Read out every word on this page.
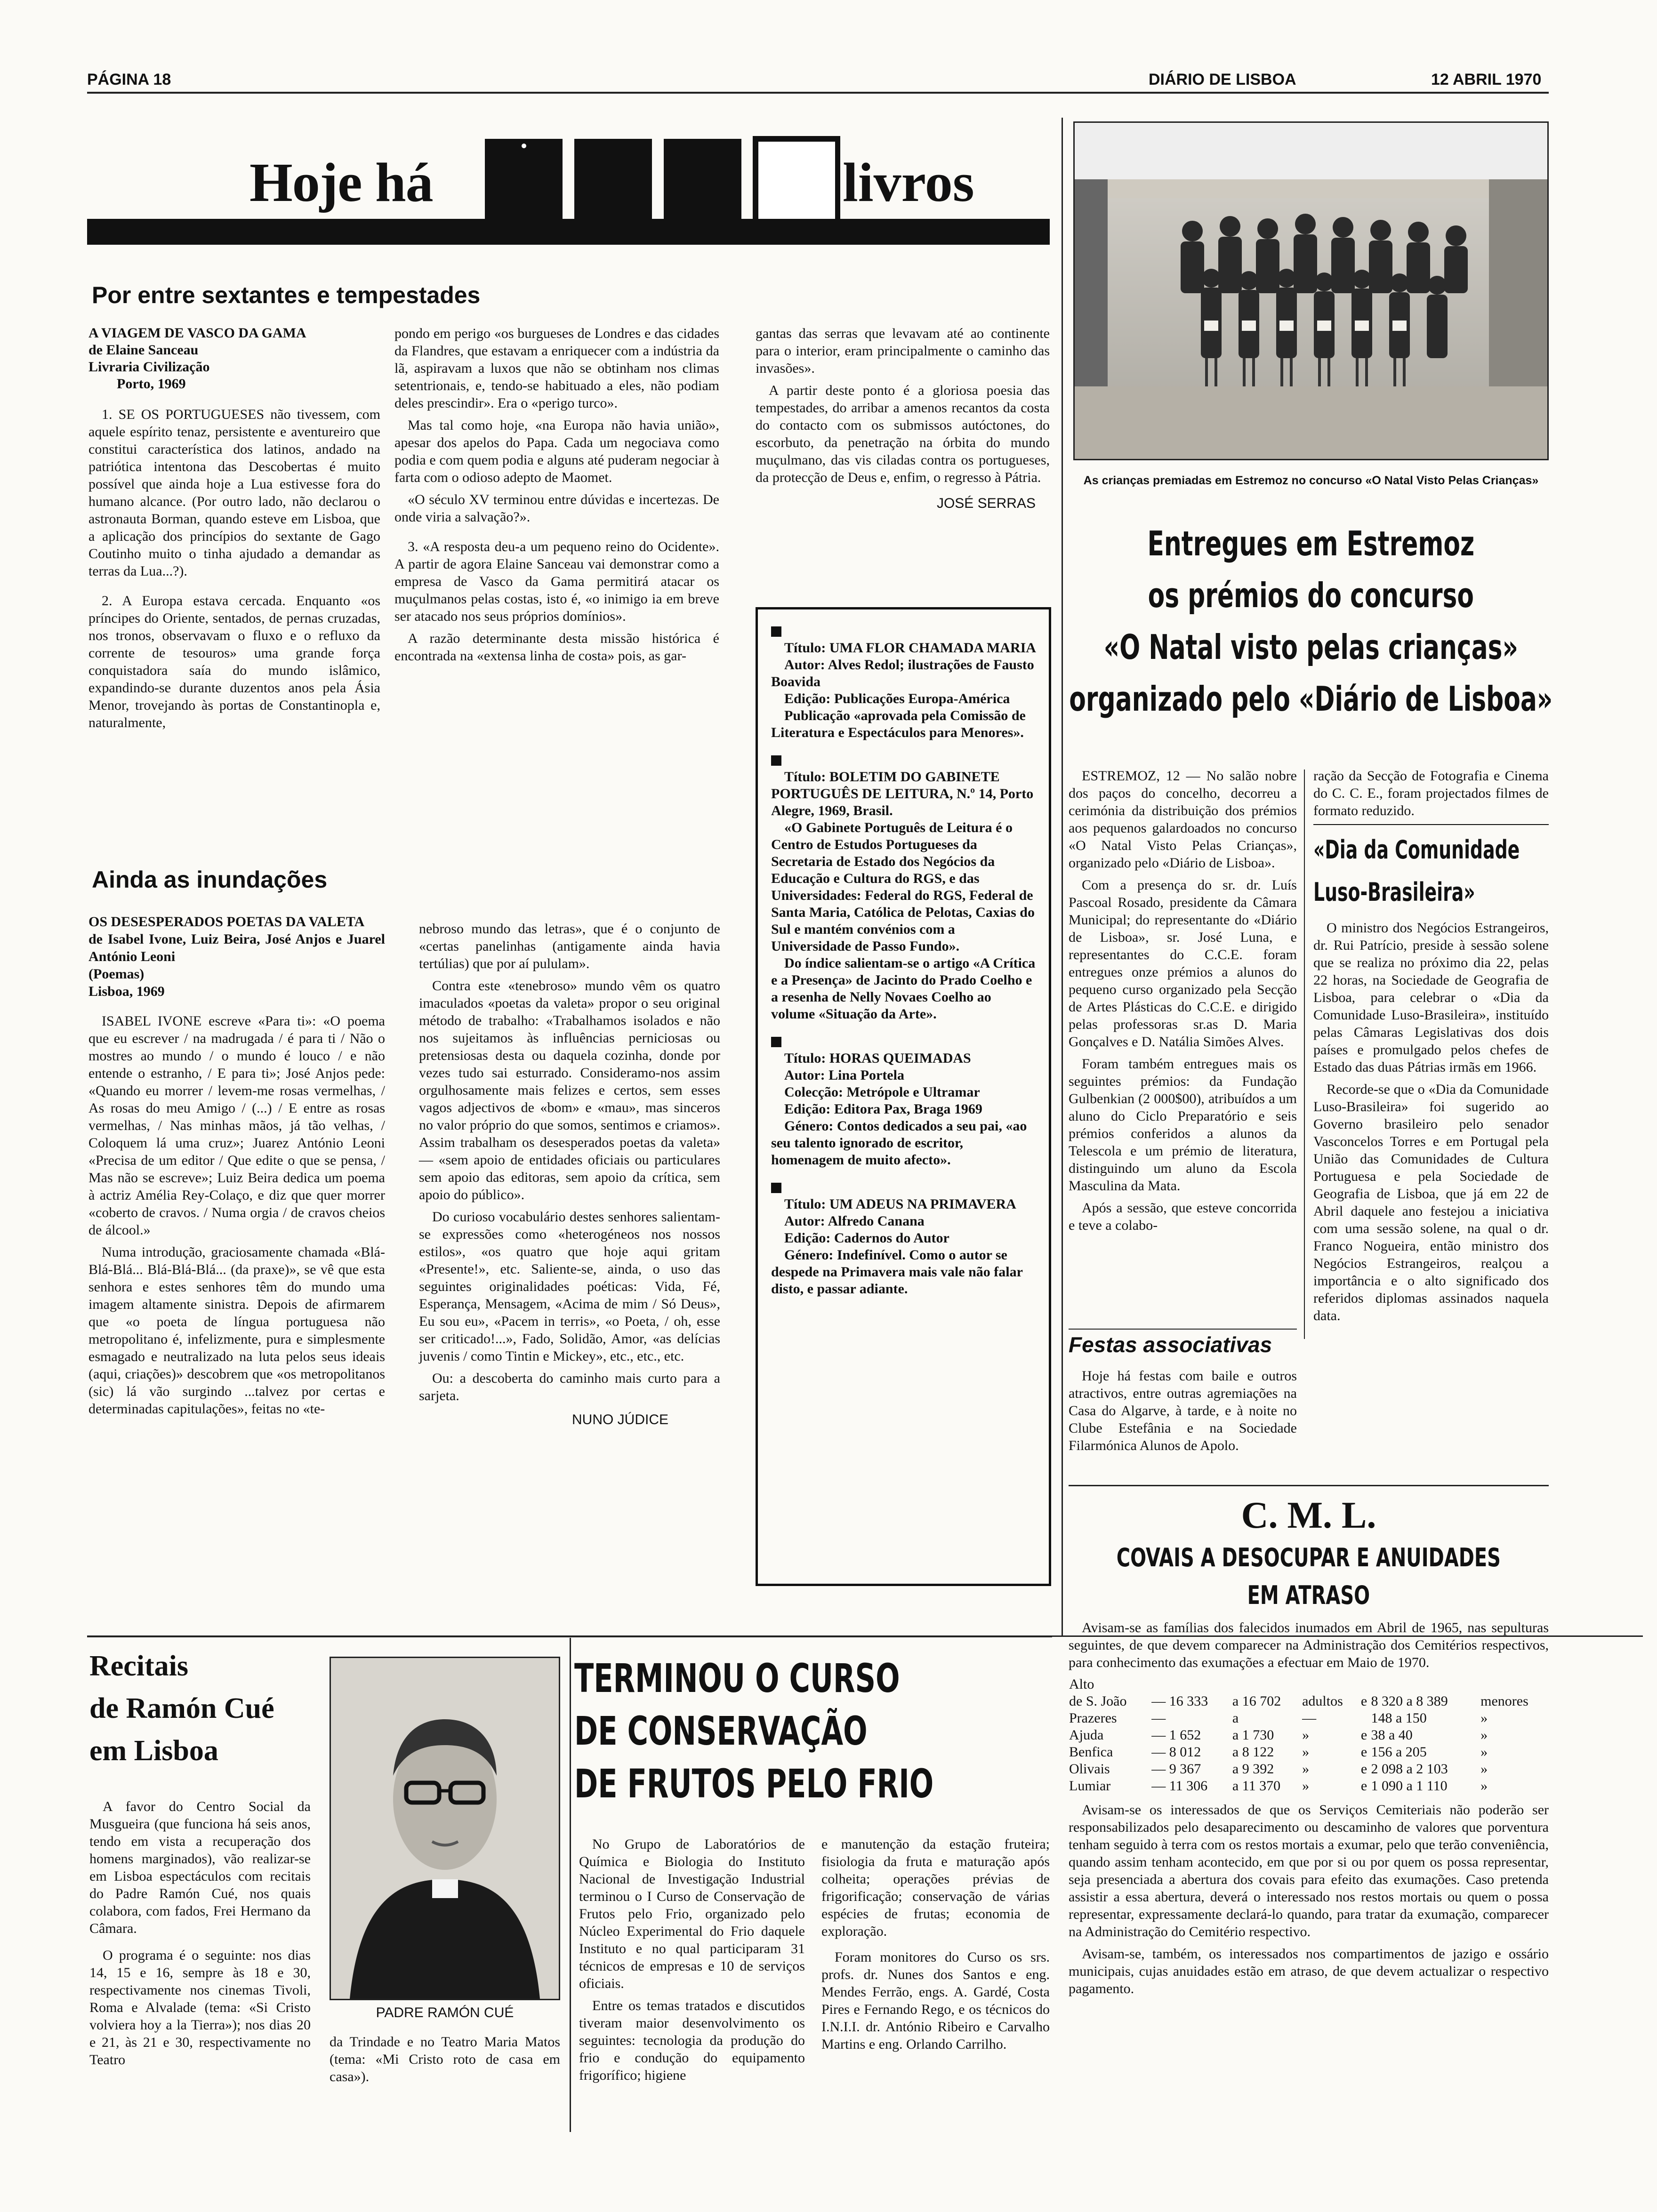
PÁGINA 18	DIÁRIO DE LISBOA	12 ABRIL 1970
Hoje há	livros
Por entre sextantes e tempestades
A VIAGEM DE VASCO DA GAMA
de Elaine Sanceau
Livraria Civilização
Porto, 1969

1. SE OS PORTUGUESES não tivessem, com aquele espírito tenaz, persistente e aventureiro que constitui característica dos latinos, andado na patriótica intentona das Descobertas é muito possível que ainda hoje a Lua estivesse fora do humano alcance. (Por outro lado, não declarou o astronauta Borman, quando esteve em Lisboa, que a aplicação dos princípios do sextante de Gago Coutinho muito o tinha ajudado a demandar as terras da Lua...?).

2. A Europa estava cercada. Enquanto «os príncipes do Oriente, sentados, de pernas cruzadas, nos tronos, observavam o fluxo e o refluxo da corrente de tesouros» uma grande força conquistadora saía do mundo islâmico, expandindo-se durante duzentos anos pela Ásia Menor, trovejando às portas de Constantinopla e, naturalmente,

pondo em perigo «os burgueses de Londres e das cidades da Flandres, que estavam a enriquecer com a indústria da lã, aspiravam a luxos que não se obtinham nos climas setentrionais, e, tendo-se habituado a eles, não podiam deles prescindir». Era o «perigo turco».

Mas tal como hoje, «na Europa não havia união», apesar dos apelos do Papa. Cada um negociava como podia e com quem podia e alguns até puderam negociar à farta com o odioso adepto de Maomet.

«O século XV terminou entre dúvidas e incertezas. De onde viria a salvação?».

3. «A resposta deu-a um pequeno reino do Ocidente». A partir de agora Elaine Sanceau vai demonstrar como a empresa de Vasco da Gama permitirá atacar os muçulmanos pelas costas, isto é, «o inimigo ia em breve ser atacado nos seus próprios domínios».

A razão determinante desta missão histórica é encontrada na «extensa linha de costa» pois, as gar-

gantas das serras que levavam até ao continente para o interior, eram principalmente o caminho das invasões».

A partir deste ponto é a gloriosa poesia das tempestades, do arribar a amenos recantos da costa do contacto com os submissos autóctones, do escorbuto, da penetração na órbita do mundo muçulmano, das vis ciladas contra os portugueses, da protecção de Deus e, enfim, o regresso à Pátria.

JOSÉ SERRAS
Ainda as inundações
OS DESESPERADOS POETAS DA VALETA
de Isabel Ivone, Luiz Beira, José Anjos e Juarel António Leoni
(Poemas)
Lisboa, 1969

ISABEL IVONE escreve «Para ti»: «O poema que eu escrever / na madrugada / é para ti / Não o mostres ao mundo / o mundo é louco / e não entende o estranho, / E para ti»; José Anjos pede: «Quando eu morrer / levem-me rosas vermelhas, / As rosas do meu Amigo / (...) / E entre as rosas vermelhas, / Nas minhas mãos, já tão velhas, / Coloquem lá uma cruz»; Juarez António Leoni «Precisa de um editor / Que edite o que se pensa, / Mas não se escreve»; Luiz Beira dedica um poema à actriz Amélia Rey-Colaço, e diz que quer morrer «coberto de cravos. / Numa orgia / de cravos cheios de álcool.»

Numa introdução, graciosamente chamada «Blá-Blá-Blá... Blá-Blá-Blá... (da praxe)», se vê que esta senhora e estes senhores têm do mundo uma imagem altamente sinistra. Depois de afirmarem que «o poeta de língua portuguesa não metropolitano é, infelizmente, pura e simplesmente esmagado e neutralizado na luta pelos seus ideais (aqui, criações)» descobrem que «os metropolitanos (sic) lá vão surgindo ...talvez por certas e determinadas capitulações», feitas no «te-

nebroso mundo das letras», que é o conjunto de «certas panelinhas (antigamente ainda havia tertúlias) que por aí pululam».

Contra este «tenebroso» mundo vêm os quatro imaculados «poetas da valeta» propor o seu original método de trabalho: «Trabalhamos isolados e não nos sujeitamos às influências perniciosas ou pretensiosas desta ou daquela cozinha, donde por vezes tudo sai esturrado. Consideramo-nos assim orgulhosamente mais felizes e certos, sem esses vagos adjectivos de «bom» e «mau», mas sinceros no valor próprio do que somos, sentimos e criamos». Assim trabalham os desesperados poetas da valeta» — «sem apoio de entidades oficiais ou particulares sem apoio das editoras, sem apoio da crítica, sem apoio do público».

Do curioso vocabulário destes senhores salientam-se expressões como «heterogéneos nos nossos estilos», «os quatro que hoje aqui gritam «Presente!», etc. Saliente-se, ainda, o uso das seguintes originalidades poéticas: Vida, Fé, Esperança, Mensagem, «Acima de mim / Só Deus», Eu sou eu», «Pacem in terris», «o Poeta, / oh, esse ser criticado!...», Fado, Solidão, Amor, «as delícias juvenis / como Tintin e Mickey», etc., etc., etc.

Ou: a descoberta do caminho mais curto para a sarjeta.

NUNO JÚDICE

Título: UMA FLOR CHAMADA MARIA

Autor: Alves Redol; ilustrações de Fausto Boavida

Edição: Publicações Europa-América

Publicação «aprovada pela Comissão de Literatura e Espectáculos para Menores».

Título: BOLETIM DO GABINETE PORTUGUÊS DE LEITURA, N.º 14, Porto Alegre, 1969, Brasil.

«O Gabinete Português de Leitura é o Centro de Estudos Portugueses da Secretaria de Estado dos Negócios da Educação e Cultura do RGS, e das Universidades: Federal do RGS, Federal de Santa Maria, Católica de Pelotas, Caxias do Sul e mantém convénios com a Universidade de Passo Fundo».

Do índice salientam-se o artigo «A Crítica e a Presença» de Jacinto do Prado Coelho e a resenha de Nelly Novaes Coelho ao volume «Situação da Arte».

Título: HORAS QUEIMADAS

Autor: Lina Portela

Colecção: Metrópole e Ultramar

Edição: Editora Pax, Braga 1969

Género: Contos dedicados a seu pai, «ao seu talento ignorado de escritor, homenagem de muito afecto».

Título: UM ADEUS NA PRIMAVERA

Autor: Alfredo Canana

Edição: Cadernos do Autor

Género: Indefinível. Como o autor se despede na Primavera mais vale não falar disto, e passar adiante.

As crianças premiadas em Estremoz no concurso «O Natal Visto Pelas Crianças»
Entregues em Estremoz
os prémios do concurso
«O Natal visto pelas crianças»
organizado pelo «Diário de Lisboa»

ESTREMOZ, 12 — No salão nobre dos paços do concelho, decorreu a cerimónia da distribuição dos prémios aos pequenos galardoados no concurso «O Natal Visto Pelas Crianças», organizado pelo «Diário de Lisboa».

Com a presença do sr. dr. Luís Pascoal Rosado, presidente da Câmara Municipal; do representante do «Diário de Lisboa», sr. José Luna, e representantes do C.C.E. foram entregues onze prémios a alunos do pequeno curso organizado pela Secção de Artes Plásticas do C.C.E. e dirigido pelas professoras sr.as D. Maria Gonçalves e D. Natália Simões Alves.

Foram também entregues mais os seguintes prémios: da Fundação Gulbenkian (2 000$00), atribuídos a um aluno do Ciclo Preparatório e seis prémios conferidos a alunos da Telescola e um prémio de literatura, distinguindo um aluno da Escola Masculina da Mata.

Após a sessão, que esteve concorrida e teve a colabo-

ração da Secção de Fotografia e Cinema do C. C. E., foram projectados filmes de formato reduzido.

«Dia da Comunidade
Luso-Brasileira»

O ministro dos Negócios Estrangeiros, dr. Rui Patrício, preside à sessão solene que se realiza no próximo dia 22, pelas 22 horas, na Sociedade de Geografia de Lisboa, para celebrar o «Dia da Comunidade Luso-Brasileira», instituído pelas Câmaras Legislativas dos dois países e promulgado pelos chefes de Estado das duas Pátrias irmãs em 1966.

Recorde-se que o «Dia da Comunidade Luso-Brasileira» foi sugerido ao Governo brasileiro pelo senador Vasconcelos Torres e em Portugal pela União das Comunidades de Cultura Portuguesa e pela Sociedade de Geografia de Lisboa, que já em 22 de Abril daquele ano festejou a iniciativa com uma sessão solene, na qual o dr. Franco Nogueira, então ministro dos Negócios Estrangeiros, realçou a importância e o alto significado dos referidos diplomas assinados naquela data.

Festas associativas

Hoje há festas com baile e outros atractivos, entre outras agremiações na Casa do Algarve, à tarde, e à noite no Clube Estefânia e na Sociedade Filarmónica Alunos de Apolo.

C. M. L.
COVAIS A DESOCUPAR E ANUIDADES
EM ATRASO

Avisam-se as famílias dos falecidos inumados em Abril de 1965, nas sepulturas seguintes, de que devem comparecer na Administração dos Cemitérios respectivos, para conhecimento das exumações a efectuar em Maio de 1970.

Alto						
de S. João	— 16 333	a 16 702	adultos	e	8 320 a 8 389	menores
Prazeres	—	a	—		148 a 150	»
Ajuda	— 1 652	a 1 730	»	e	38 a 40	»
Benfica	— 8 012	a 8 122	»	e	156 a 205	»
Olivais	— 9 367	a 9 392	»	e	2 098 a 2 103	»
Lumiar	— 11 306	a 11 370	»	e	1 090 a 1 110	»

Avisam-se os interessados de que os Serviços Cemiteriais não poderão ser responsabilizados pelo desaparecimento ou descaminho de valores que porventura tenham seguido à terra com os restos mortais a exumar, pelo que terão conveniência, quando assim tenham acontecido, em que por si ou por quem os possa representar, seja presenciada a abertura dos covais para efeito das exumações. Caso pretenda assistir a essa abertura, deverá o interessado nos restos mortais ou quem o possa representar, expressamente declará-lo quando, para tratar da exumação, comparecer na Administração do Cemitério respectivo.

Avisam-se, também, os interessados nos compartimentos de jazigo e ossário municipais, cujas anuidades estão em atraso, de que devem actualizar o respectivo pagamento.

Recitais
de Ramón Cué
em Lisboa

A favor do Centro Social da Musgueira (que funciona há seis anos, tendo em vista a recuperação dos homens marginados), vão realizar-se em Lisboa espectáculos com recitais do Padre Ramón Cué, nos quais colabora, com fados, Frei Hermano da Câmara.

O programa é o seguinte: nos dias 14, 15 e 16, sempre às 18 e 30, respectivamente nos cinemas Tivoli, Roma e Alvalade (tema: «Si Cristo volviera hoy a la Tierra»); nos dias 20 e 21, às 21 e 30, respectivamente no Teatro

PADRE RAMÓN CUÉ

da Trindade e no Teatro Maria Matos (tema: «Mi Cristo roto de casa em casa»).

TERMINOU O CURSO
DE CONSERVAÇÃO
DE FRUTOS PELO FRIO

No Grupo de Laboratórios de Química e Biologia do Instituto Nacional de Investigação Industrial terminou o I Curso de Conservação de Frutos pelo Frio, organizado pelo Núcleo Experimental do Frio daquele Instituto e no qual participaram 31 técnicos de empresas e 10 de serviços oficiais.

Entre os temas tratados e discutidos tiveram maior desenvolvimento os seguintes: tecnologia da produção do frio e condução do equipamento frigorífico; higiene

e manutenção da estação fruteira; fisiologia da fruta e maturação após colheita; operações prévias de frigorificação; conservação de várias espécies de frutas; economia de exploração.

Foram monitores do Curso os srs. profs. dr. Nunes dos Santos e eng. Mendes Ferrão, engs. A. Gardé, Costa Pires e Fernando Rego, e os técnicos do I.N.I.I. dr. António Ribeiro e Carvalho Martins e eng. Orlando Carrilho.
